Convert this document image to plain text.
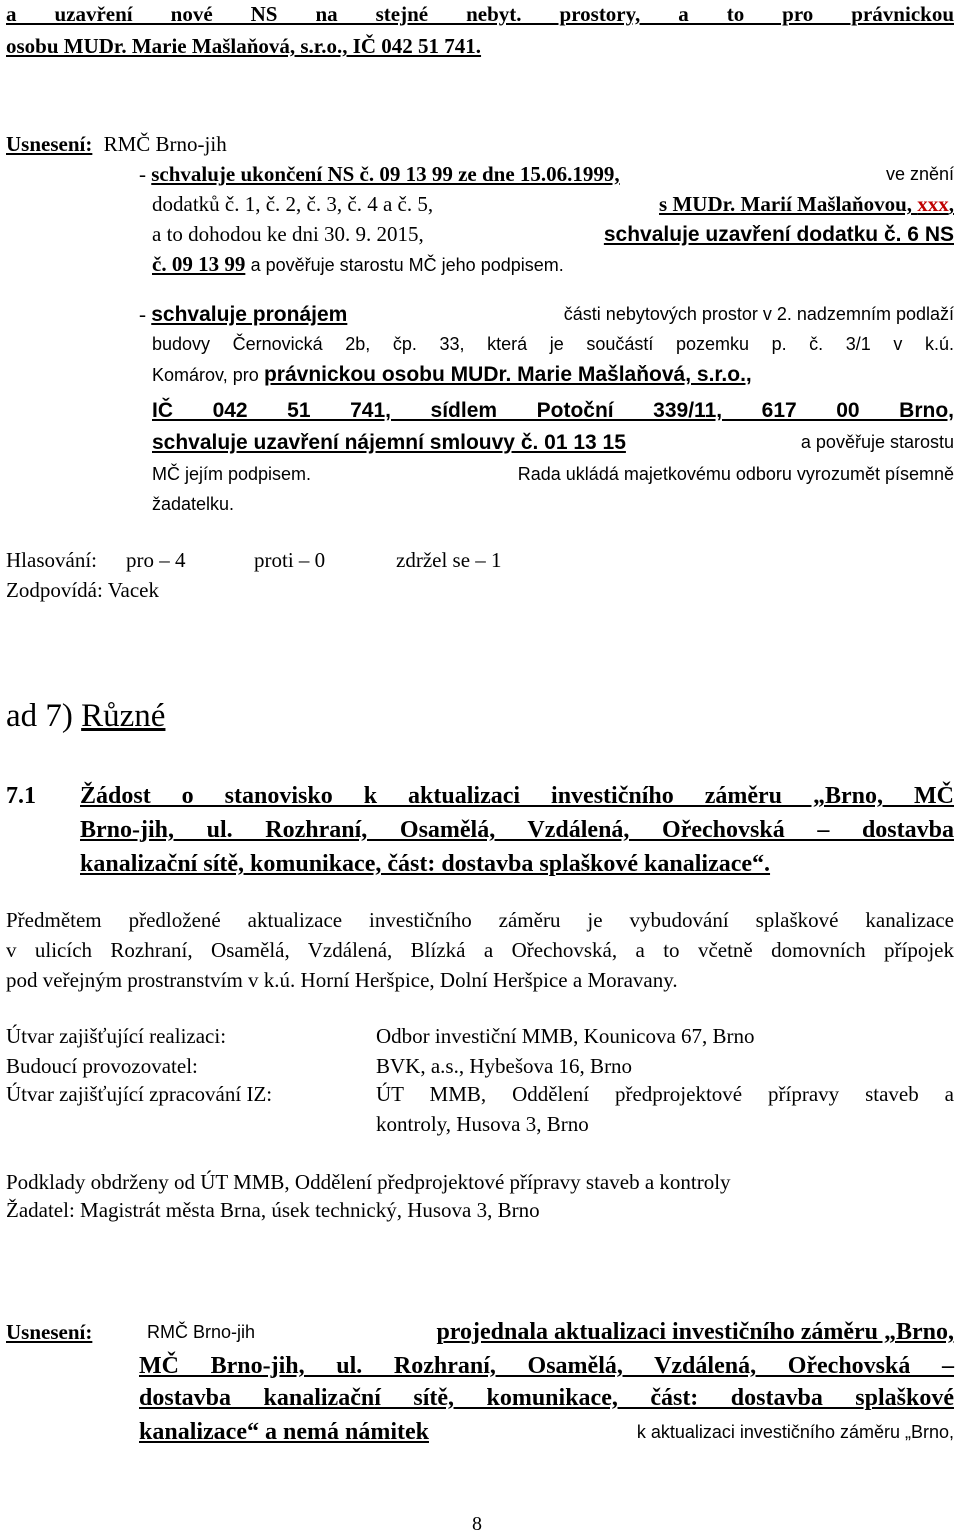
a uzavření nové NS na stejné nebyt. prostory, a to pro právnickou
osobu MUDr. Marie Mašlaňová, s.r.o., IČ 042 51 741.
Usnesení: RMČ Brno-jih
- schvaluje ukončení NS č. 09 13 99 ze dne 15.06.1999,	ve znění
dodatků č. 1, č. 2, č. 3, č. 4 a č. 5,	s MUDr. Marií Mašlaňovou, xxx,
a to dohodou ke dni 30. 9. 2015,	schvaluje uzavření dodatku č. 6 NS
č. 09 13 99 a pověřuje starostu MČ jeho podpisem.
- schvaluje pronájem	části nebytových prostor v 2. nadzemním podlaží
budovy Černovická 2b, čp. 33, která je součástí pozemku p. č. 3/1 v k.ú.
Komárov, pro právnickou osobu MUDr. Marie Mašlaňová, s.r.o.,
IČ 042 51 741, sídlem Potoční 339/11, 617 00 Brno,
schvaluje uzavření nájemní smlouvy č. 01 13 15	a pověřuje starostu
MČ jejím podpisem.	Rada ukládá majetkovému odboru vyrozumět písemně
žadatelku.
Hlasování: pro – 4	proti – 0	zdržel se – 1
Zodpovídá: Vacek
ad 7) Různé
7.1 Žádost o stanovisko k aktualizaci investičního záměru „Brno, MČ
Brno-jih, ul. Rozhraní, Osamělá, Vzdálená, Ořechovská – dostavba
kanalizační sítě, komunikace, část: dostavba splaškové kanalizace“.
Předmětem předložené aktualizace investičního záměru je vybudování splaškové kanalizace
v ulicích Rozhraní, Osamělá, Vzdálená, Blízká a Ořechovská, a to včetně domovních přípojek
pod veřejným prostranstvím v k.ú. Horní Heršpice, Dolní Heršpice a Moravany.
Útvar zajišťující realizaci:	Odbor investiční MMB, Kounicova 67, Brno
Budoucí provozovatel:	BVK, a.s., Hybešova 16, Brno
Útvar zajišťující zpracování IZ:	ÚT MMB, Oddělení předprojektové přípravy staveb a
kontroly, Husova 3, Brno
Podklady obdrženy od ÚT MMB, Oddělení předprojektové přípravy staveb a kontroly
Žadatel: Magistrát města Brna, úsek technický, Husova 3, Brno
Usnesení:	RMČ Brno-jih	projednala aktualizaci investičního záměru „Brno,
MČ Brno-jih, ul. Rozhraní, Osamělá, Vzdálená, Ořechovská –
dostavba kanalizační sítě, komunikace, část: dostavba splaškové
kanalizace“ a nemá námitek	k aktualizaci investičního záměru „Brno,
8
